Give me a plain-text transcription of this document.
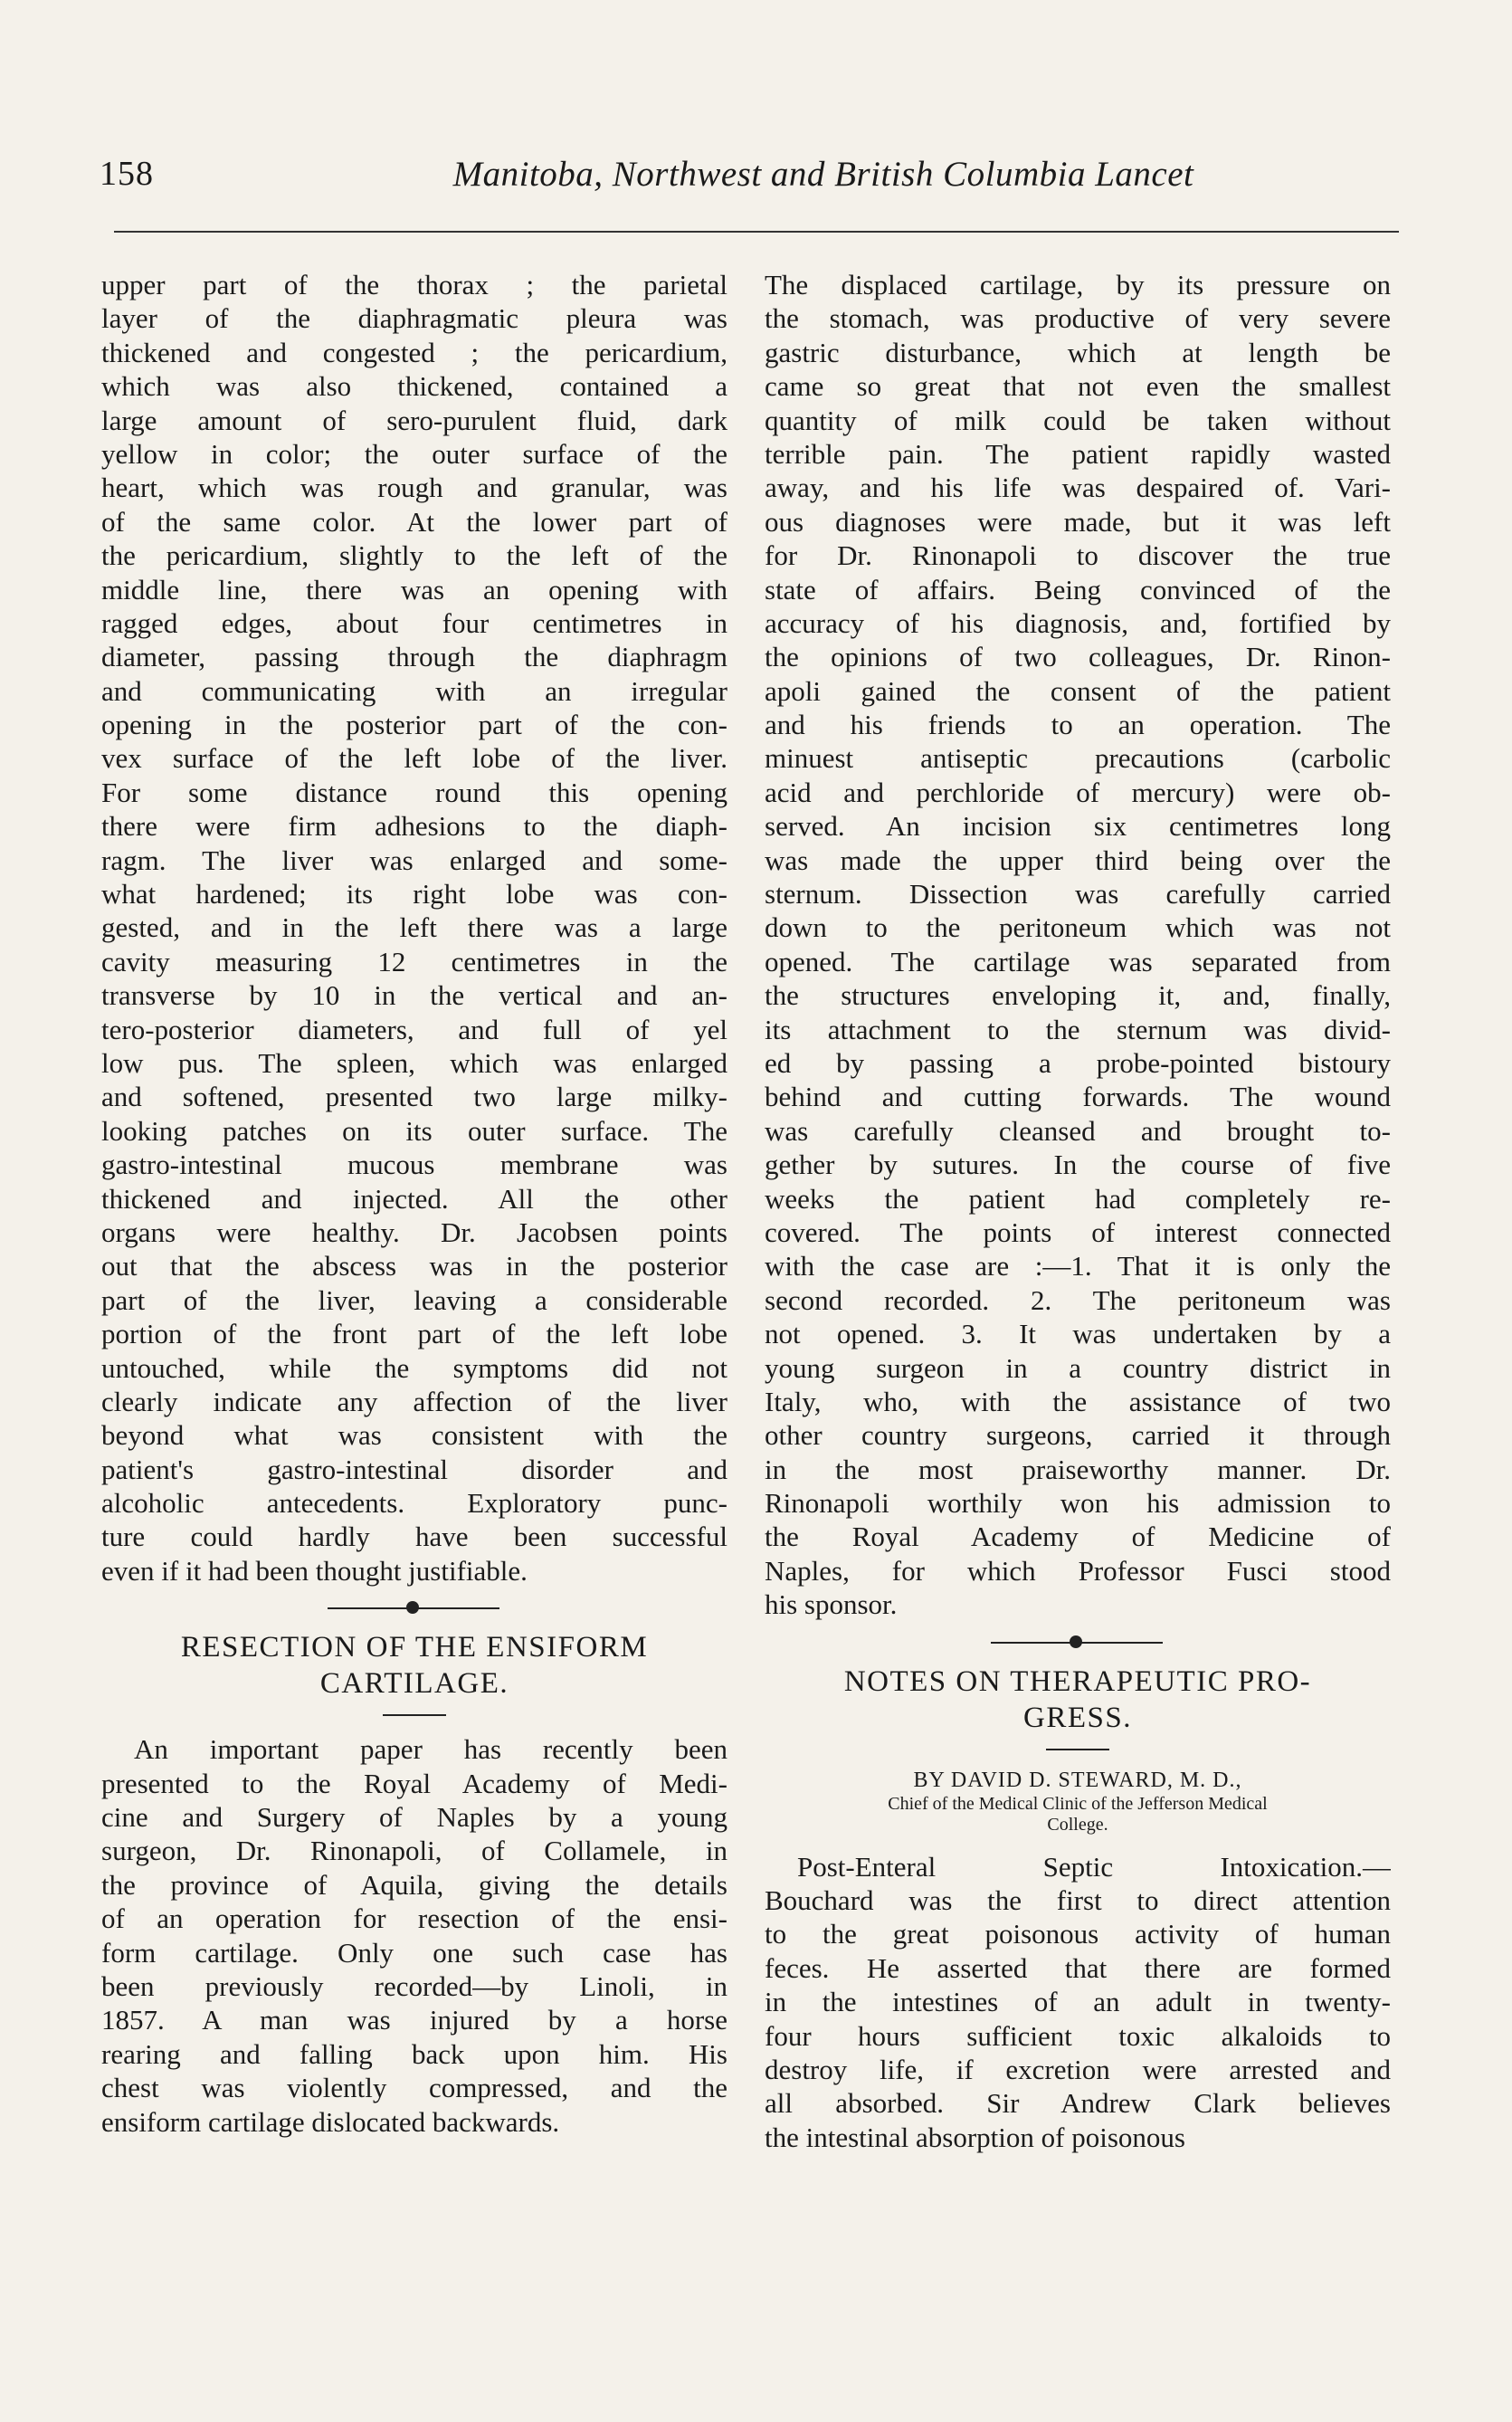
158	Manitoba, Northwest and British Columbia Lancet
upper part of the thorax ; the parietal
layer of the diaphragmatic pleura was
thickened and congested ; the pericardium,
which was also thickened, contained a
large amount of sero-purulent fluid, dark
yellow in color; the outer surface of the
heart, which was rough and granular, was
of the same color. At the lower part of
the pericardium, slightly to the left of the
middle line, there was an opening with
ragged edges, about four centimetres in
diameter, passing through the diaphragm
and communicating with an irregular
opening in the posterior part of the con-
vex surface of the left lobe of the liver.
For some distance round this opening
there were firm adhesions to the diaph-
ragm. The liver was enlarged and some-
what hardened; its right lobe was con-
gested, and in the left there was a large
cavity measuring 12 centimetres in the
transverse by 10 in the vertical and an-
tero-posterior diameters, and full of yel
low pus. The spleen, which was enlarged
and softened, presented two large milky-
looking patches on its outer surface. The
gastro-intestinal mucous membrane was
thickened and injected. All the other
organs were healthy. Dr. Jacobsen points
out that the abscess was in the posterior
part of the liver, leaving a considerable
portion of the front part of the left lobe
untouched, while the symptoms did not
clearly indicate any affection of the liver
beyond what was consistent with the
patient's gastro-intestinal disorder and
alcoholic antecedents. Exploratory punc-
ture could hardly have been successful
even if it had been thought justifiable.
RESECTION OF THE ENSIFORM
CARTILAGE.
An important paper has recently been
presented to the Royal Academy of Medi-
cine and Surgery of Naples by a young
surgeon, Dr. Rinonapoli, of Collamele, in
the province of Aquila, giving the details
of an operation for resection of the ensi-
form cartilage. Only one such case has
been previously recorded—by Linoli, in
1857. A man was injured by a horse
rearing and falling back upon him. His
chest was violently compressed, and the
ensiform cartilage dislocated backwards.
The displaced cartilage, by its pressure on
the stomach, was productive of very severe
gastric disturbance, which at length be
came so great that not even the smallest
quantity of milk could be taken without
terrible pain. The patient rapidly wasted
away, and his life was despaired of. Vari-
ous diagnoses were made, but it was left
for Dr. Rinonapoli to discover the true
state of affairs. Being convinced of the
accuracy of his diagnosis, and, fortified by
the opinions of two colleagues, Dr. Rinon-
apoli gained the consent of the patient
and his friends to an operation. The
minuest antiseptic precautions (carbolic
acid and perchloride of mercury) were ob-
served. An incision six centimetres long
was made the upper third being over the
sternum. Dissection was carefully carried
down to the peritoneum which was not
opened. The cartilage was separated from
the structures enveloping it, and, finally,
its attachment to the sternum was divid-
ed by passing a probe-pointed bistoury
behind and cutting forwards. The wound
was carefully cleansed and brought to-
gether by sutures. In the course of five
weeks the patient had completely re-
covered. The points of interest connected
with the case are :—1. That it is only the
second recorded. 2. The peritoneum was
not opened. 3. It was undertaken by a
young surgeon in a country district in
Italy, who, with the assistance of two
other country surgeons, carried it through
in the most praiseworthy manner. Dr.
Rinonapoli worthily won his admission to
the Royal Academy of Medicine of
Naples, for which Professor Fusci stood
his sponsor.
NOTES ON THERAPEUTIC PRO-
GRESS.
BY DAVID D. STEWARD, M. D.,
Chief of the Medical Clinic of the Jefferson Medical
College.
Post-Enteral Septic Intoxication.—
Bouchard was the first to direct attention
to the great poisonous activity of human
feces. He asserted that there are formed
in the intestines of an adult in twenty-
four hours sufficient toxic alkaloids to
destroy life, if excretion were arrested and
all absorbed. Sir Andrew Clark believes
the intestinal absorption of poisonous
